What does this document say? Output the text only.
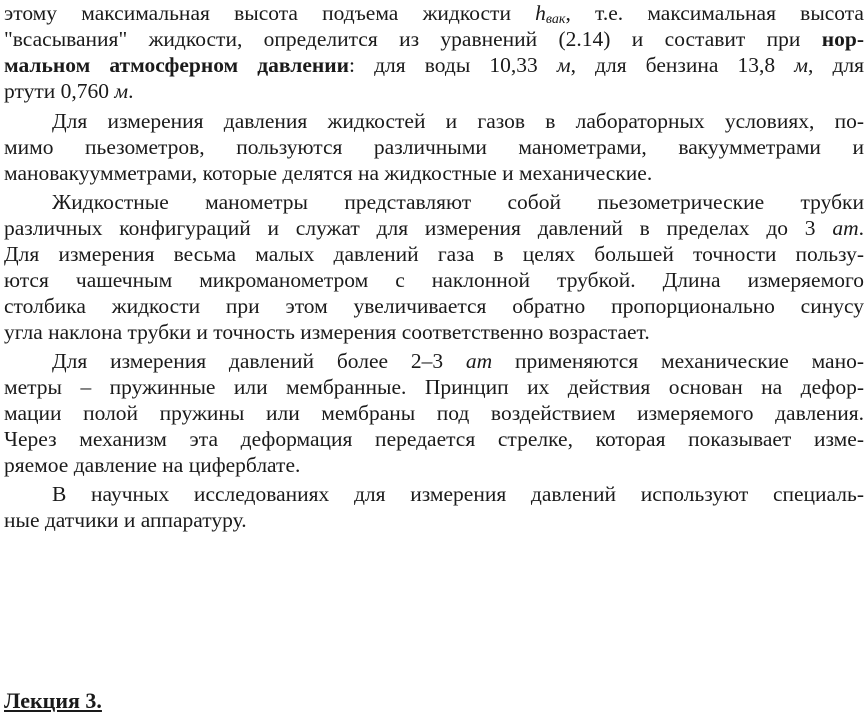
этому максимальная высота подъема жидкости $h_{вак}$, т.е. максимальная высота
"всасывания" жидкости, определится из уравнений (2.14) и составит при нор-
мальном атмосферном давлении: для воды 10,33 м, для бензина 13,8 м, для
ртути 0,760 м.
Для измерения давления жидкостей и газов в лабораторных условиях, по-
мимо пьезометров, пользуются различными манометрами, вакуумметрами и
мановакуумметрами, которые делятся на жидкостные и механические.
Жидкостные манометры представляют собой пьезометрические трубки
различных конфигураций и служат для измерения давлений в пределах до 3 ат.
Для измерения весьма малых давлений газа в целях большей точности пользу-
ются чашечным микроманометром с наклонной трубкой. Длина измеряемого
столбика жидкости при этом увеличивается обратно пропорционально синусу
угла наклона трубки и точность измерения соответственно возрастает.
Для измерения давлений более 2–3 ат применяются механические мано-
метры – пружинные или мембранные. Принцип их действия основан на дефор-
мации полой пружины или мембраны под воздействием измеряемого давления.
Через механизм эта деформация передается стрелке, которая показывает изме-
ряемое давление на циферблате.
В научных исследованиях для измерения давлений используют специаль-
ные датчики и аппаратуру.
Лекция 3.
